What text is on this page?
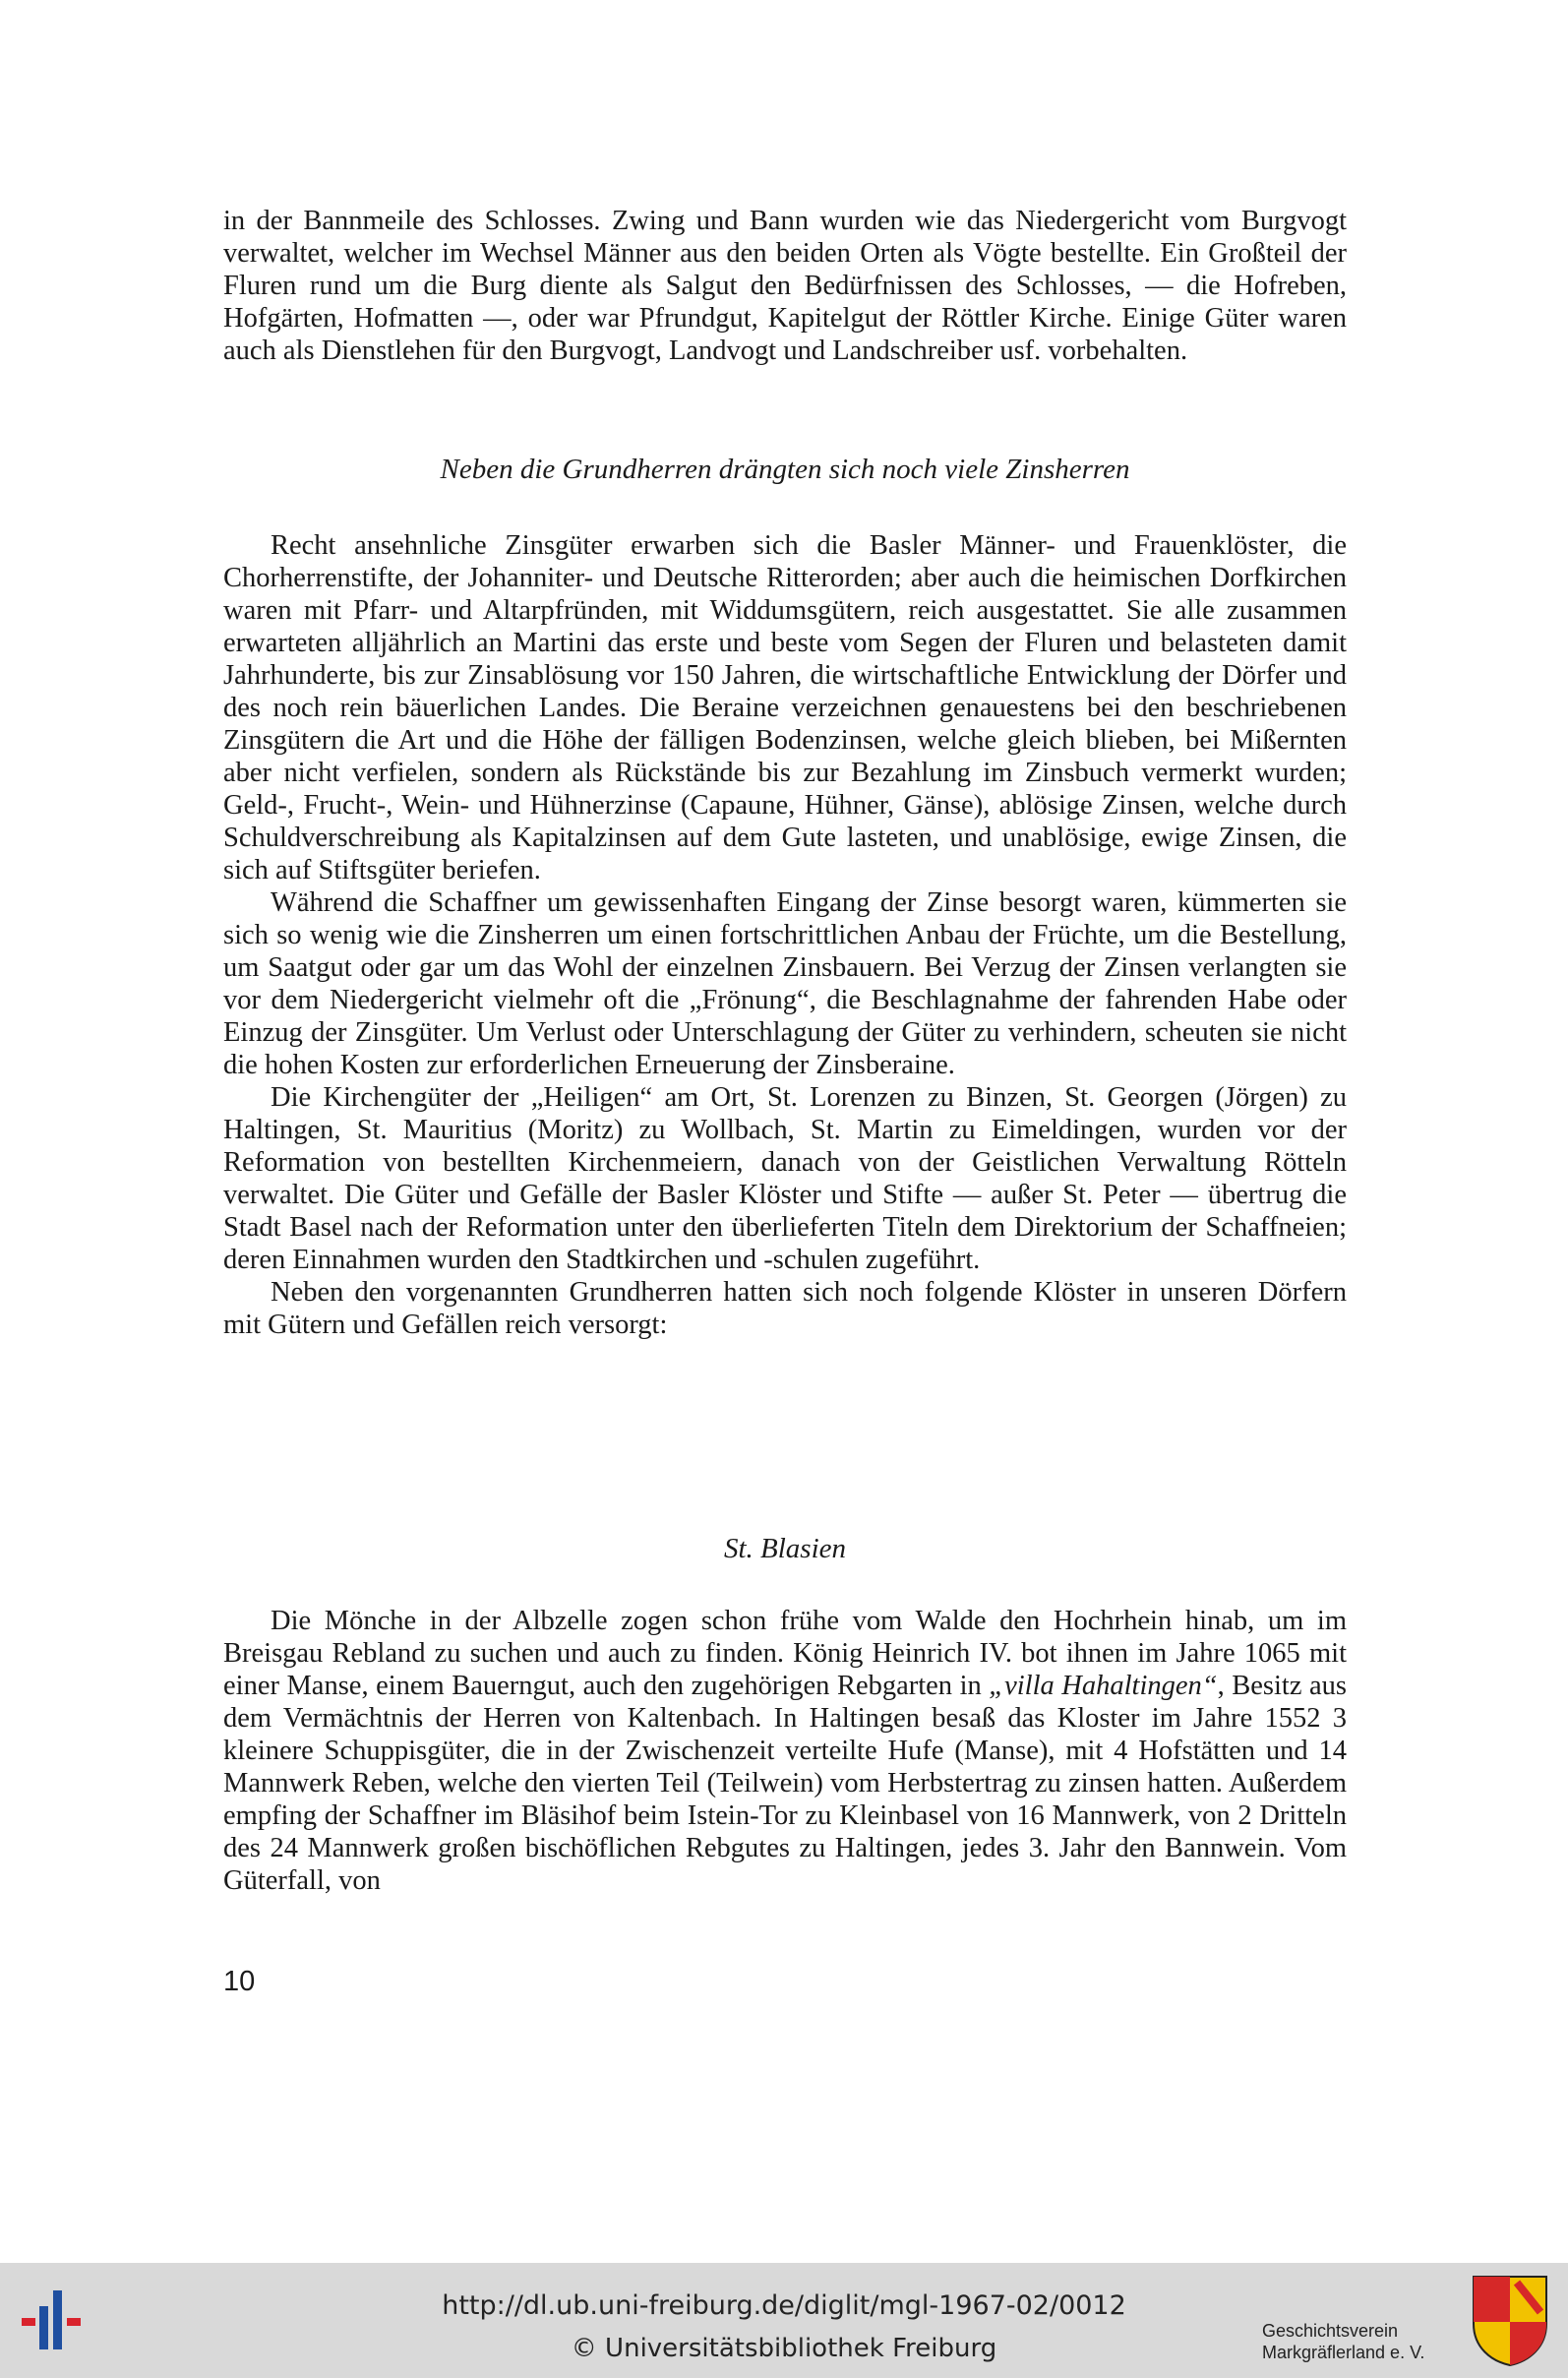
in der Bannmeile des Schlosses. Zwing und Bann wurden wie das Niedergericht vom Burgvogt verwaltet, welcher im Wechsel Männer aus den beiden Orten als Vögte bestellte. Ein Großteil der Fluren rund um die Burg diente als Salgut den Bedürfnissen des Schlosses, — die Hofreben, Hofgärten, Hofmatten —, oder war Pfrundgut, Kapitelgut der Röttler Kirche. Einige Güter waren auch als Dienstlehen für den Burgvogt, Landvogt und Landschreiber usf. vorbehalten.

Neben die Grundherren drängten sich noch viele Zinsherren

Recht ansehnliche Zinsgüter erwarben sich die Basler Männer- und Frauenklöster, die Chorherrenstifte, der Johanniter- und Deutsche Ritterorden; aber auch die heimischen Dorfkirchen waren mit Pfarr- und Altarpfründen, mit Widdumsgütern, reich ausgestattet. Sie alle zusammen erwarteten alljährlich an Martini das erste und beste vom Segen der Fluren und belasteten damit Jahrhunderte, bis zur Zinsablösung vor 150 Jahren, die wirtschaftliche Entwicklung der Dörfer und des noch rein bäuerlichen Landes. Die Beraine verzeichnen genauestens bei den beschriebenen Zinsgütern die Art und die Höhe der fälligen Bodenzinsen, welche gleich blieben, bei Mißernten aber nicht verfielen, sondern als Rückstände bis zur Bezahlung im Zinsbuch vermerkt wurden; Geld-, Frucht-, Wein- und Hühnerzinse (Capaune, Hühner, Gänse), ablösige Zinsen, welche durch Schuldverschreibung als Kapitalzinsen auf dem Gute lasteten, und unablösige, ewige Zinsen, die sich auf Stiftsgüter beriefen.

Während die Schaffner um gewissenhaften Eingang der Zinse besorgt waren, kümmerten sie sich so wenig wie die Zinsherren um einen fortschrittlichen Anbau der Früchte, um die Bestellung, um Saatgut oder gar um das Wohl der einzelnen Zinsbauern. Bei Verzug der Zinsen verlangten sie vor dem Niedergericht vielmehr oft die „Frönung“, die Beschlagnahme der fahrenden Habe oder Einzug der Zinsgüter. Um Verlust oder Unterschlagung der Güter zu verhindern, scheuten sie nicht die hohen Kosten zur erforderlichen Erneuerung der Zinsberaine.

Die Kirchengüter der „Heiligen“ am Ort, St. Lorenzen zu Binzen, St. Georgen (Jörgen) zu Haltingen, St. Mauritius (Moritz) zu Wollbach, St. Martin zu Eimeldingen, wurden vor der Reformation von bestellten Kirchenmeiern, danach von der Geistlichen Verwaltung Rötteln verwaltet. Die Güter und Gefälle der Basler Klöster und Stifte — außer St. Peter — übertrug die Stadt Basel nach der Reformation unter den überlieferten Titeln dem Direktorium der Schaffneien; deren Einnahmen wurden den Stadtkirchen und -schulen zugeführt.

Neben den vorgenannten Grundherren hatten sich noch folgende Klöster in unseren Dörfern mit Gütern und Gefällen reich versorgt:

St. Blasien

Die Mönche in der Albzelle zogen schon frühe vom Walde den Hochrhein hinab, um im Breisgau Rebland zu suchen und auch zu finden. König Heinrich IV. bot ihnen im Jahre 1065 mit einer Manse, einem Bauerngut, auch den zugehörigen Rebgarten in „villa Hahaltingen“, Besitz aus dem Vermächtnis der Herren von Kaltenbach. In Haltingen besaß das Kloster im Jahre 1552 3 kleinere Schuppisgüter, die in der Zwischenzeit verteilte Hufe (Manse), mit 4 Hofstätten und 14 Mannwerk Reben, welche den vierten Teil (Teilwein) vom Herbstertrag zu zinsen hatten. Außerdem empfing der Schaffner im Bläsihof beim Istein-Tor zu Kleinbasel von 16 Mannwerk, von 2 Dritteln des 24 Mannwerk großen bischöflichen Rebgutes zu Haltingen, jedes 3. Jahr den Bannwein. Vom Güterfall, von

10
http://dl.ub.uni-freiburg.de/diglit/mgl-1967-02/0012
© Universitätsbibliothek Freiburg
Geschichtsverein
Markgräflerland e. V.
